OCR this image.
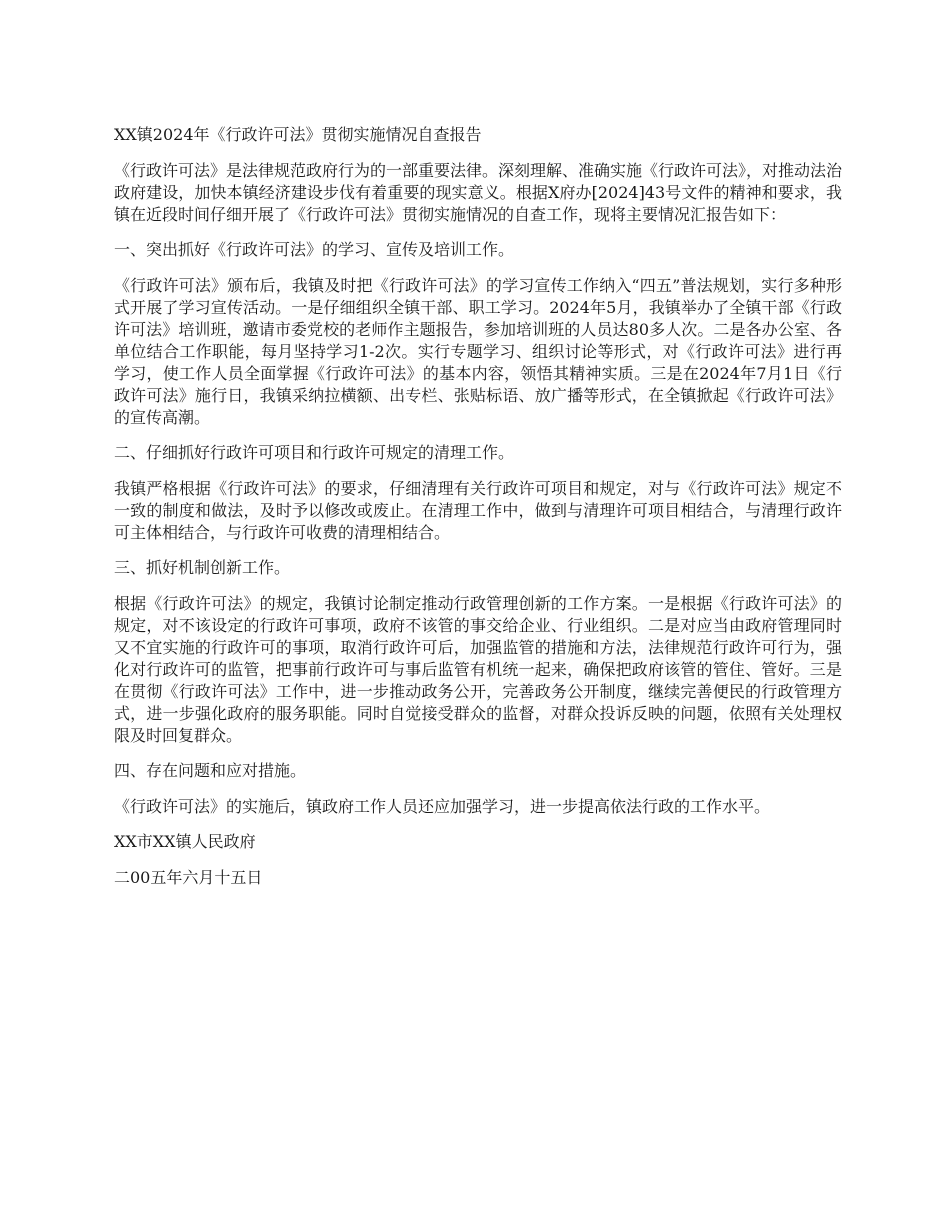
XX镇2024年《行政许可法》贯彻实施情况自查报告

《行政许可法》是法律规范政府行为的一部重要法律。深刻理解、准确实施《行政许可法》，对推动法治政府建设，加快本镇经济建设步伐有着重要的现实意义。根据X府办[2024]43号文件的精神和要求，我镇在近段时间仔细开展了《行政许可法》贯彻实施情况的自查工作，现将主要情况汇报告如下：

一、突出抓好《行政许可法》的学习、宣传及培训工作。

《行政许可法》颁布后，我镇及时把《行政许可法》的学习宣传工作纳入“四五”普法规划，实行多种形式开展了学习宣传活动。一是仔细组织全镇干部、职工学习。2024年5月，我镇举办了全镇干部《行政许可法》培训班，邀请市委党校的老师作主题报告，参加培训班的人员达80多人次。二是各办公室、各单位结合工作职能，每月坚持学习1-2次。实行专题学习、组织讨论等形式，对《行政许可法》进行再学习，使工作人员全面掌握《行政许可法》的基本内容，领悟其精神实质。三是在2024年7月1日《行政许可法》施行日，我镇采纳拉横额、出专栏、张贴标语、放广播等形式，在全镇掀起《行政许可法》的宣传高潮。

二、仔细抓好行政许可项目和行政许可规定的清理工作。

我镇严格根据《行政许可法》的要求，仔细清理有关行政许可项目和规定，对与《行政许可法》规定不一致的制度和做法，及时予以修改或废止。在清理工作中，做到与清理许可项目相结合，与清理行政许可主体相结合，与行政许可收费的清理相结合。

三、抓好机制创新工作。

根据《行政许可法》的规定，我镇讨论制定推动行政管理创新的工作方案。一是根据《行政许可法》的规定，对不该设定的行政许可事项，政府不该管的事交给企业、行业组织。二是对应当由政府管理同时又不宜实施的行政许可的事项，取消行政许可后，加强监管的措施和方法，法律规范行政许可行为，强化对行政许可的监管，把事前行政许可与事后监管有机统一起来，确保把政府该管的管住、管好。三是在贯彻《行政许可法》工作中，进一步推动政务公开，完善政务公开制度，继续完善便民的行政管理方式，进一步强化政府的服务职能。同时自觉接受群众的监督，对群众投诉反映的问题，依照有关处理权限及时回复群众。

四、存在问题和应对措施。

《行政许可法》的实施后，镇政府工作人员还应加强学习，进一步提高依法行政的工作水平。

XX市XX镇人民政府

二00五年六月十五日
